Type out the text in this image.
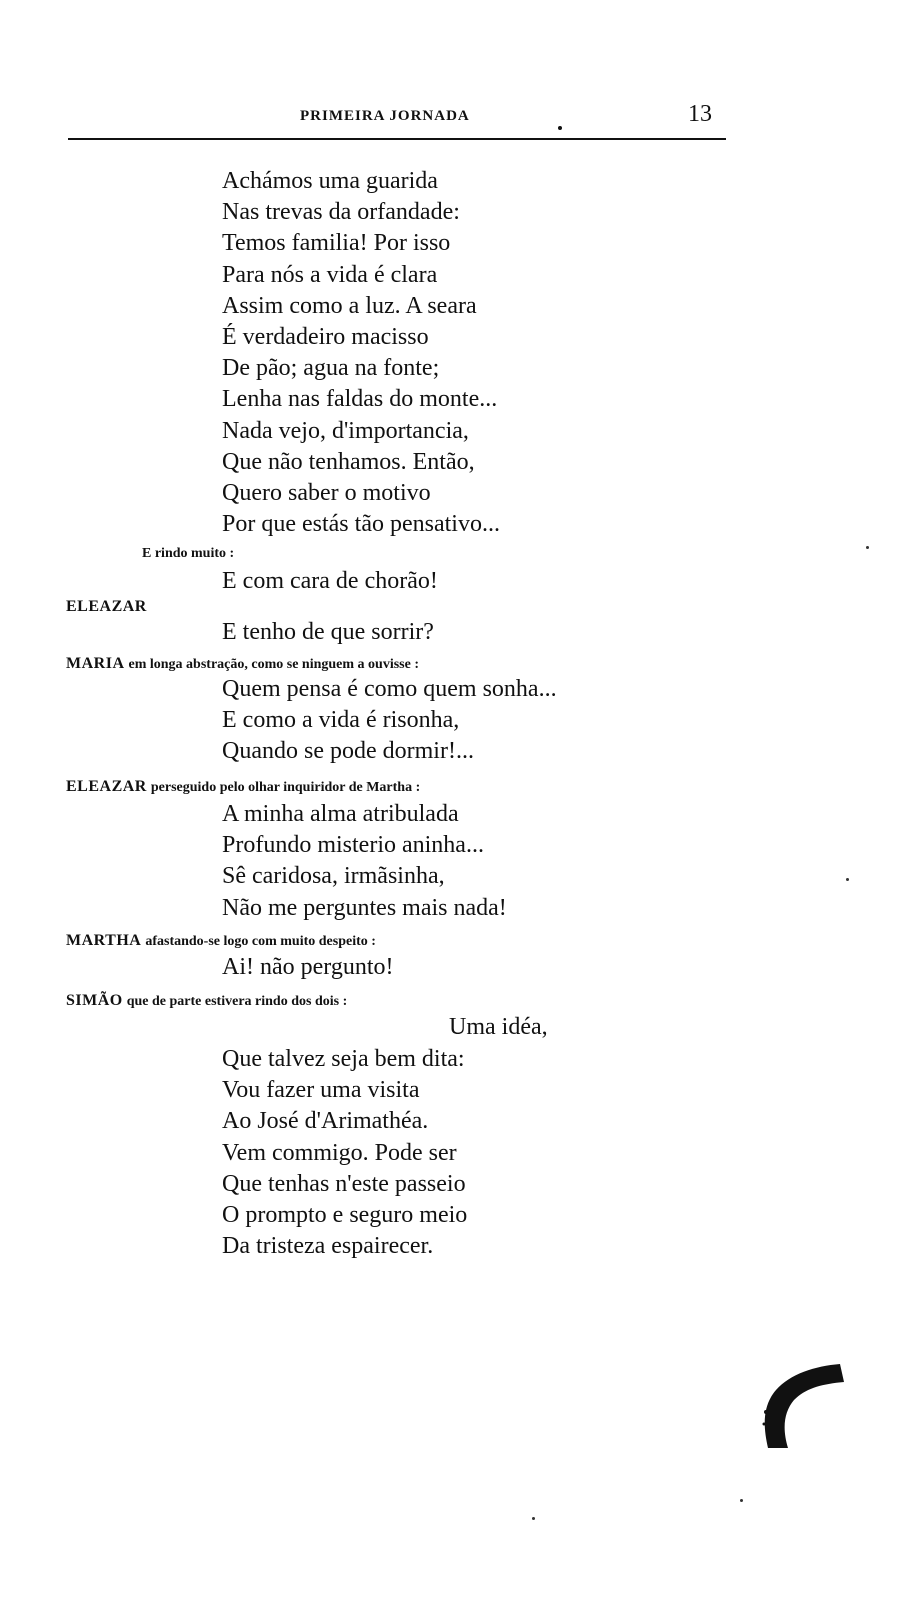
PRIMEIRA JORNADA	13

Achámos uma guarida

Nas trevas da orfandade:

Temos familia! Por isso

Para nós a vida é clara

Assim como a luz. A seara

É verdadeiro macisso

De pão; agua na fonte;

Lenha nas faldas do monte...

Nada vejo, d'importancia,

Que não tenhamos. Então,

Quero saber o motivo

Por que estás tão pensativo...

E rindo muito :

E com cara de chorão!

ELEAZAR

E tenho de que sorrir?

MARIA em longa abstração, como se ninguem a ouvisse :

Quem pensa é como quem sonha...

E como a vida é risonha,

Quando se pode dormir!...

ELEAZAR perseguido pelo olhar inquiridor de Martha :

A minha alma atribulada

Profundo misterio aninha...

Sê caridosa, irmãsinha,

Não me perguntes mais nada!

MARTHA afastando-se logo com muito despeito :

Ai! não pergunto!

SIMÃO que de parte estivera rindo dos dois :

Uma idéa,

Que talvez seja bem dita:

Vou fazer uma visita

Ao José d'Arimathéa.

Vem commigo. Pode ser

Que tenhas n'este passeio

O prompto e seguro meio

Da tristeza espairecer.
